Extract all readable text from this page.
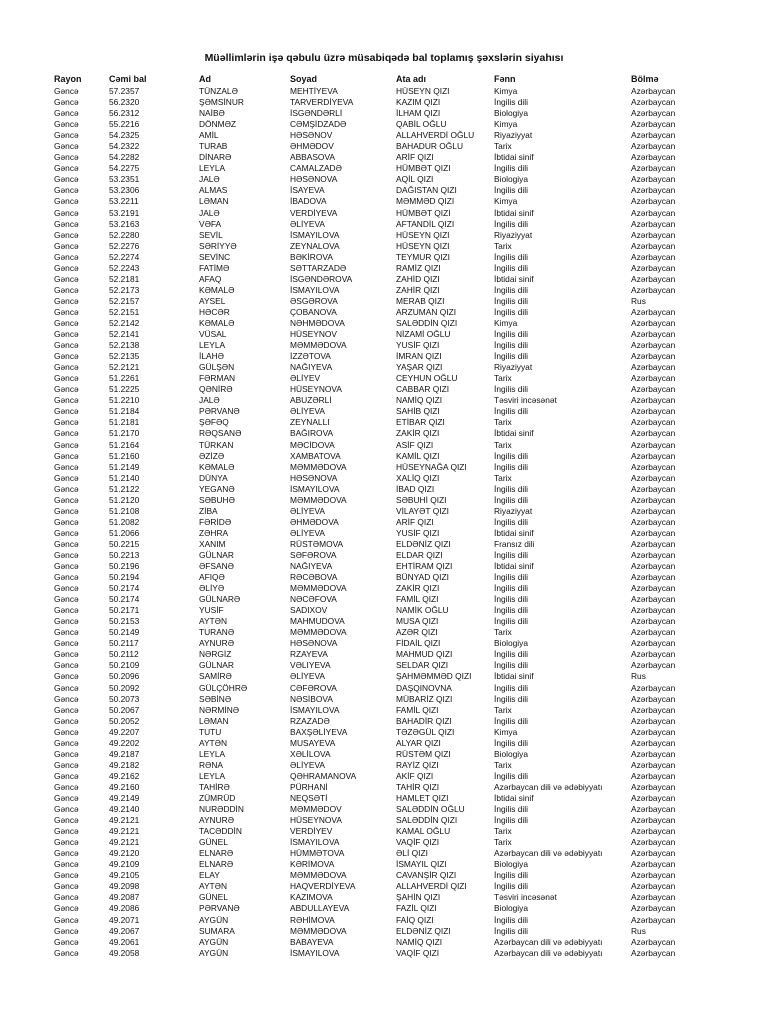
Müəllimlərin işə qəbulu üzrə müsabiqədə bal toplamış şəxslərin siyahısı
Rayon	Cəmi bal	Ad	Soyad	Ata adı	Fənn	Bölmə
Gəncə	57.2357	TÜNZALƏ	MEHTİYEVA	HÜSEYN QIZI	Kimya	Azərbaycan
Gəncə	56.2320	ŞƏMSİNUR	TARVERDİYEVA	KAZIM QIZI	İngilis dili	Azərbaycan
Gəncə	56.2312	NAİBƏ	İSGƏNDƏRLİ	İLHAM QIZI	Biologiya	Azərbaycan
Gəncə	55.2216	DÖNMƏZ	CƏMŞİDZADƏ	QABİL OĞLU	Kimya	Azərbaycan
Gəncə	54.2325	AMİL	HƏSƏNOV	ALLAHVERDİ OĞLU	Riyaziyyat	Azərbaycan
Gəncə	54.2322	TURAB	ƏHMƏDOV	BAHADUR OĞLU	Tarix	Azərbaycan
Gəncə	54.2282	DİNARƏ	ABBASOVA	ARİF QIZI	İbtidai sinif	Azərbaycan
Gəncə	54.2275	LEYLA	CAMALZADƏ	HÜMBƏT QIZI	İngilis dili	Azərbaycan
Gəncə	53.2351	JALƏ	HƏSƏNOVA	AQİL QIZI	Biologiya	Azərbaycan
Gəncə	53.2306	ALMAS	İSAYEVA	DAĞISTAN QIZI	İngilis dili	Azərbaycan
Gəncə	53.2211	LƏMAN	İBADOVA	MƏMMƏD QIZI	Kimya	Azərbaycan
Gəncə	53.2191	JALƏ	VERDİYEVA	HÜMBƏT QIZI	İbtidai sinif	Azərbaycan
Gəncə	53.2163	VƏFA	ƏLİYEVA	AFTANDİL QIZI	İngilis dili	Azərbaycan
Gəncə	52.2280	SEVİL	İSMAYILOVA	HÜSEYN QIZI	Riyaziyyat	Azərbaycan
Gəncə	52.2276	SƏRİYYƏ	ZEYNALOVA	HÜSEYN QIZI	Tarix	Azərbaycan
Gəncə	52.2274	SEVİNC	BƏKİROVA	TEYMUR QIZI	İngilis dili	Azərbaycan
Gəncə	52.2243	FATİMƏ	SƏTTARZADƏ	RAMİZ QIZI	İngilis dili	Azərbaycan
Gəncə	52.2181	AFAQ	İSGƏNDƏROVA	ZAHİD QIZI	İbtidai sinif	Azərbaycan
Gəncə	52.2173	KƏMALƏ	İSMAYILOVA	ZAHİR QIZI	İngilis dili	Azərbaycan
Gəncə	52.2157	AYSEL	ƏSGƏROVA	MERAB QIZI	İngilis dili	Rus
Gəncə	52.2151	HƏCƏR	ÇOBANOVA	ARZUMAN QIZI	İngilis dili	Azərbaycan
Gəncə	52.2142	KƏMALƏ	NƏHMƏDOVA	SALƏDDİN QIZI	Kimya	Azərbaycan
Gəncə	52.2141	VÜSAL	HÜSEYNOV	NİZAMİ OĞLU	İngilis dili	Azərbaycan
Gəncə	52.2138	LEYLA	MƏMMƏDOVA	YUSİF QIZI	İngilis dili	Azərbaycan
Gəncə	52.2135	İLAHƏ	İZZƏTOVA	İMRAN QIZI	İngilis dili	Azərbaycan
Gəncə	52.2121	GÜLŞƏN	NAĞIYEVA	YAŞAR QIZI	Riyaziyyat	Azərbaycan
Gəncə	51.2261	FƏRMAN	ƏLİYEV	CEYHUN OĞLU	Tarix	Azərbaycan
Gəncə	51.2225	QƏNİRƏ	HÜSEYNOVA	CABBAR QIZI	İngilis dili	Azərbaycan
Gəncə	51.2210	JALƏ	ABUZƏRLİ	NAMİQ QIZI	Təsviri incəsənət	Azərbaycan
Gəncə	51.2184	PƏRVANƏ	ƏLİYEVA	SAHİB QIZI	İngilis dili	Azərbaycan
Gəncə	51.2181	ŞƏFƏQ	ZEYNALLI	ETİBAR QIZI	Tarix	Azərbaycan
Gəncə	51.2170	RƏQSANƏ	BAĞIROVA	ZAKİR QIZI	İbtidai sinif	Azərbaycan
Gəncə	51.2164	TÜRKAN	MƏCİDOVA	ASİF QIZI	Tarix	Azərbaycan
Gəncə	51.2160	ƏZİZƏ	XAMBATOVA	KAMİL QIZI	İngilis dili	Azərbaycan
Gəncə	51.2149	KƏMALƏ	MƏMMƏDOVA	HÜSEYNAĞA QIZI	İngilis dili	Azərbaycan
Gəncə	51.2140	DÜNYA	HƏSƏNOVA	XALİQ QIZI	Tarix	Azərbaycan
Gəncə	51.2122	YEGANƏ	İSMAYILOVA	İBAD QIZI	İngilis dili	Azərbaycan
Gəncə	51.2120	SƏBUHƏ	MƏMMƏDOVA	SƏBUHİ QIZI	İngilis dili	Azərbaycan
Gəncə	51.2108	ZİBA	ƏLİYEVA	VİLAYƏT QIZI	Riyaziyyat	Azərbaycan
Gəncə	51.2082	FƏRİDƏ	ƏHMƏDOVA	ARİF QIZI	İngilis dili	Azərbaycan
Gəncə	51.2066	ZƏHRA	ƏLİYEVA	YUSİF QIZI	İbtidai sinif	Azərbaycan
Gəncə	50.2215	XANIM	RÜSTƏMOVA	ELDƏNİZ QIZI	Fransız dili	Azərbaycan
Gəncə	50.2213	GÜLNAR	SƏFƏROVA	ELDAR QIZI	İngilis dili	Azərbaycan
Gəncə	50.2196	ƏFSANƏ	NAĞIYEVA	EHTİRAM QIZI	İbtidai sinif	Azərbaycan
Gəncə	50.2194	AFIQƏ	RƏCƏBOVA	BÜNYAD QIZI	İngilis dili	Azərbaycan
Gəncə	50.2174	ƏLİYƏ	MƏMMƏDOVA	ZAKİR QIZI	İngilis dili	Azərbaycan
Gəncə	50.2174	GÜLNARƏ	NƏCƏFOVA	FAMİL QIZI	İngilis dili	Azərbaycan
Gəncə	50.2171	YUSİF	SADIXOV	NAMİK OĞLU	İngilis dili	Azərbaycan
Gəncə	50.2153	AYTƏN	MAHMUDOVA	MUSA QIZI	İngilis dili	Azərbaycan
Gəncə	50.2149	TURANƏ	MƏMMƏDOVA	AZƏR QIZI	Tarix	Azərbaycan
Gəncə	50.2117	AYNURƏ	HƏSƏNOVA	FİDAİL QIZI	Biologiya	Azərbaycan
Gəncə	50.2112	NƏRGİZ	RZAYEVA	MAHMUD QIZI	İngilis dili	Azərbaycan
Gəncə	50.2109	GÜLNAR	VƏLIYEVA	SELDAR QIZI	İngilis dili	Azərbaycan
Gəncə	50.2096	SAMİRƏ	ƏLİYEVA	ŞAHMƏMMƏD QIZI	İbtidai sinif	Rus
Gəncə	50.2092	GÜLÇÖHRƏ	CƏFƏROVA	DAŞQINOVNA	İngilis dili	Azərbaycan
Gəncə	50.2073	SƏBİNƏ	NƏSİBOVA	MÜBARİZ QIZI	İngilis dili	Azərbaycan
Gəncə	50.2067	NƏRMİNƏ	İSMAYILOVA	FAMİL QIZI	Tarix	Azərbaycan
Gəncə	50.2052	LƏMAN	RZAZADƏ	BAHADİR QIZI	İngilis dili	Azərbaycan
Gəncə	49.2207	TUTU	BAXŞƏLİYEVA	TƏZƏGÜL QIZI	Kimya	Azərbaycan
Gəncə	49.2202	AYTƏN	MUSAYEVA	ALYAR QIZI	İngilis dili	Azərbaycan
Gəncə	49.2187	LEYLA	XƏLİLOVA	RÜSTƏM QIZI	Biologiya	Azərbaycan
Gəncə	49.2182	RƏNA	ƏLİYEVA	RAYİZ QIZI	Tarix	Azərbaycan
Gəncə	49.2162	LEYLA	QƏHRAMANOVA	AKİF QIZI	İngilis dili	Azərbaycan
Gəncə	49.2160	TAHİRƏ	PÜRHANİ	TAHİR QIZI	Azərbaycan dili və ədəbiyyatı	Azərbaycan
Gəncə	49.2149	ZÜMRÜD	NEQSƏTİ	HAMLET QIZI	İbtidai sinif	Azərbaycan
Gəncə	49.2140	NURƏDDİN	MƏMMƏDOV	SALƏDDİN OĞLU	İngilis dili	Azərbaycan
Gəncə	49.2121	AYNURƏ	HÜSEYNOVA	SALƏDDİN QIZI	İngilis dili	Azərbaycan
Gəncə	49.2121	TACƏDDİN	VERDİYEV	KAMAL OĞLU	Tarix	Azərbaycan
Gəncə	49.2121	GÜNEL	İSMAYILOVA	VAQİF QIZI	Tarix	Azərbaycan
Gəncə	49.2120	ELNARƏ	HÜMMƏTOVA	ƏLİ QIZI	Azərbaycan dili və ədəbiyyatı	Azərbaycan
Gəncə	49.2109	ELNARƏ	KƏRİMOVA	İSMAYIL QIZI	Biologiya	Azərbaycan
Gəncə	49.2105	ELAY	MƏMMƏDOVA	CAVANŞİR QIZI	İngilis dili	Azərbaycan
Gəncə	49.2098	AYTƏN	HAQVERDİYEVA	ALLAHVERDİ QIZI	İngilis dili	Azərbaycan
Gəncə	49.2087	GÜNEL	KAZIMOVA	ŞAHİN QIZI	Təsviri incəsənət	Azərbaycan
Gəncə	49.2086	PƏRVANƏ	ABDULLAYEVA	FAZİL QIZI	Biologiya	Azərbaycan
Gəncə	49.2071	AYGÜN	RƏHİMOVA	FAİQ QIZI	İngilis dili	Azərbaycan
Gəncə	49.2067	SUMARA	MƏMMƏDOVA	ELDƏNİZ QIZI	İngilis dili	Rus
Gəncə	49.2061	AYGÜN	BABAYEVA	NAMİQ QIZI	Azərbaycan dili və ədəbiyyatı	Azərbaycan
Gəncə	49.2058	AYGÜN	İSMAYILOVA	VAQİF QIZI	Azərbaycan dili və ədəbiyyatı	Azərbaycan
